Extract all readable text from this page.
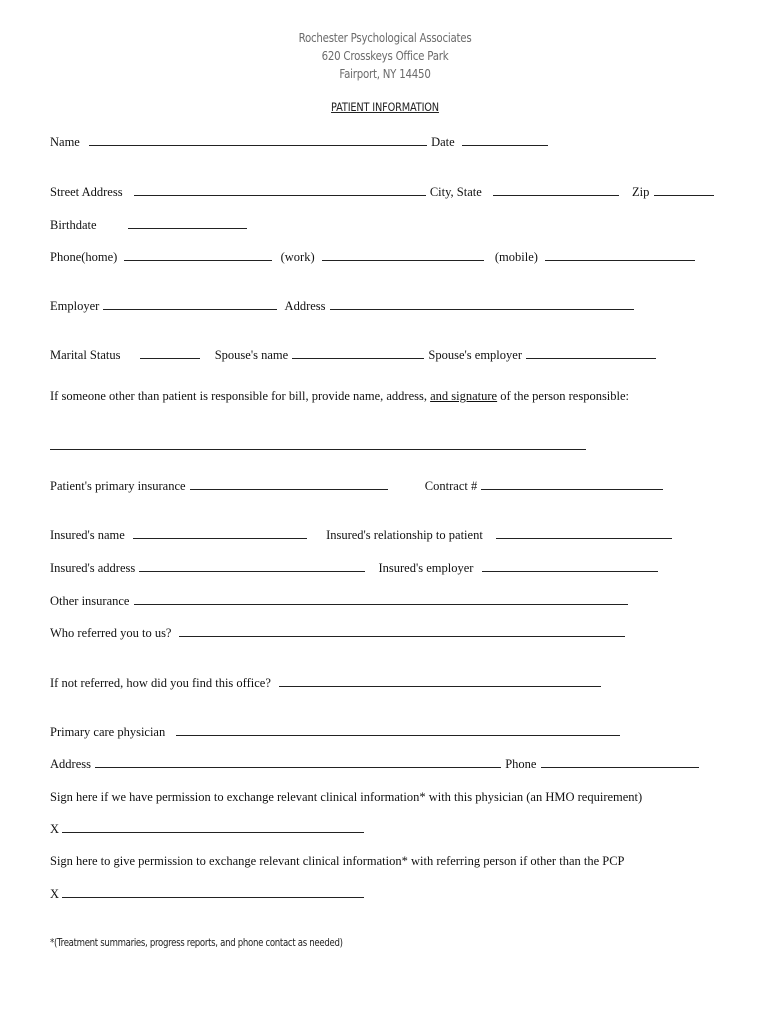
Rochester Psychological Associates
620 Crosskeys Office Park
Fairport, NY 14450
PATIENT INFORMATION
Name	Date
Street Address	City, State	Zip
Birthdate
Phone(home)	(work)	(mobile)
Employer	Address
Marital Status	Spouse's name	Spouse's employer
If someone other than patient is responsible for bill, provide name, address, and signature of the person responsible:
Patient's primary insurance	Contract #
Insured's name	Insured's relationship to patient
Insured's address	Insured's employer
Other insurance
Who referred you to us?
If not referred, how did you find this office?
Primary care physician
Address	Phone
Sign here if we have permission to exchange relevant clinical information* with this physician (an HMO requirement)
X
Sign here to give permission to exchange relevant clinical information* with referring person if other than the PCP
X
*(Treatment summaries, progress reports, and phone contact as needed)
